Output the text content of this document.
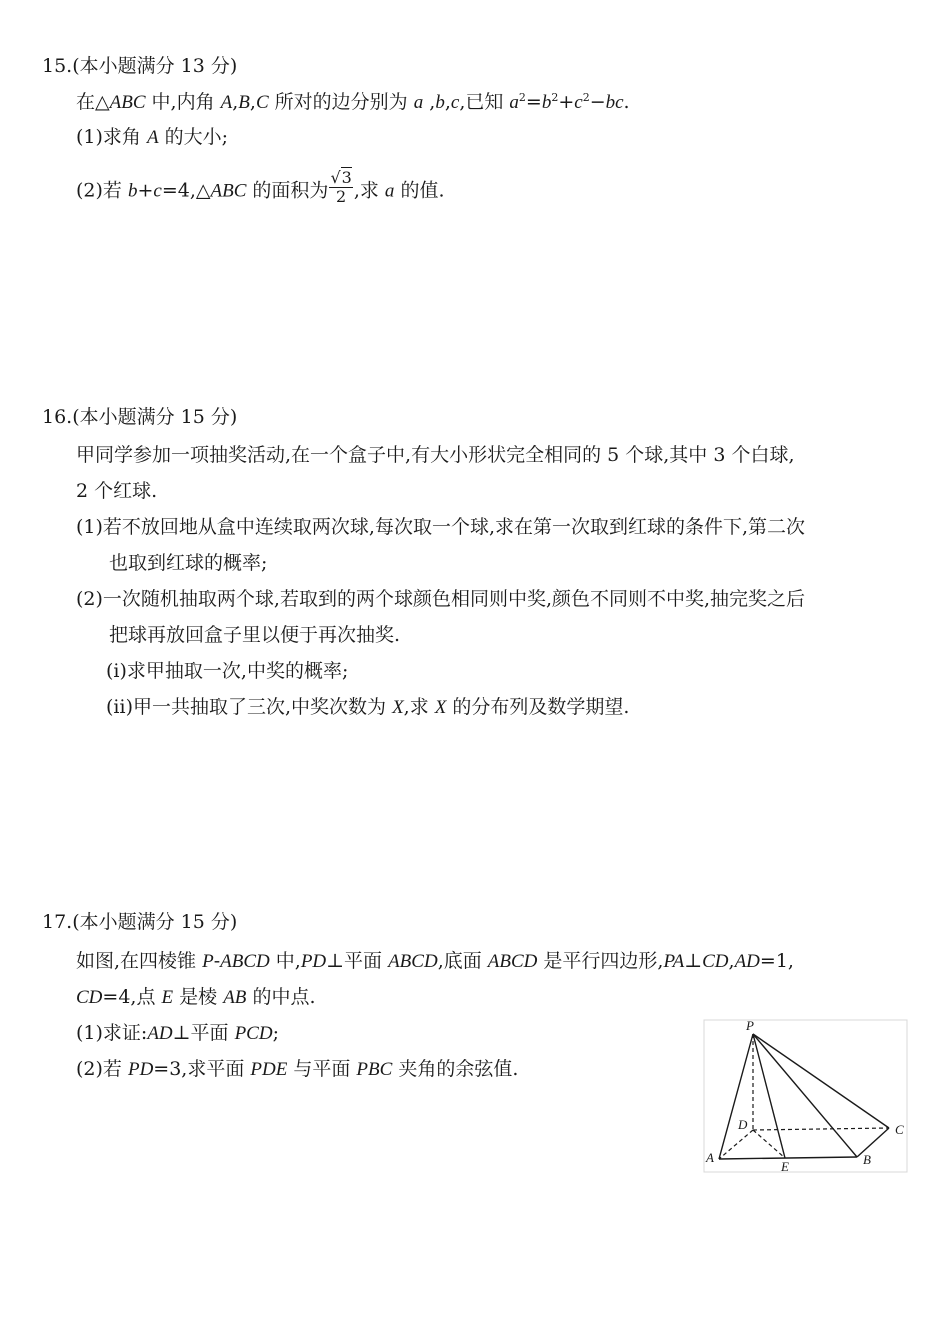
15.(本小题满分 13 分)
在△ABC 中,内角 A,B,C 所对的边分别为 a ,b,c,已知 $a^2=b^2+c^2-bc$.
(1)求角 A 的大小;
(2)若 b+c=4,△ABC 的面积为 $\frac{√3}{2}$ ,求 a 的值.
16.(本小题满分 15 分)
甲同学参加一项抽奖活动,在一个盒子中,有大小形状完全相同的 5 个球,其中 3 个白球,
2 个红球.
(1)若不放回地从盒中连续取两次球,每次取一个球,求在第一次取到红球的条件下,第二次
也取到红球的概率;
(2)一次随机抽取两个球,若取到的两个球颜色相同则中奖,颜色不同则不中奖,抽完奖之后
把球再放回盒子里以便于再次抽奖.
(ⅰ)求甲抽取一次,中奖的概率;
(ⅱ)甲一共抽取了三次,中奖次数为 X,求 X 的分布列及数学期望.
17.(本小题满分 15 分)
如图,在四棱锥 P-ABCD 中,PD⊥平面 ABCD,底面 ABCD 是平行四边形,PA⊥CD,AD=1,
CD=4,点 E 是棱 AB 的中点.
(1)求证:AD⊥平面 PCD;
(2)若 PD=3,求平面 PDE 与平面 PBC 夹角的余弦值.
P
D	C
A
E	B
